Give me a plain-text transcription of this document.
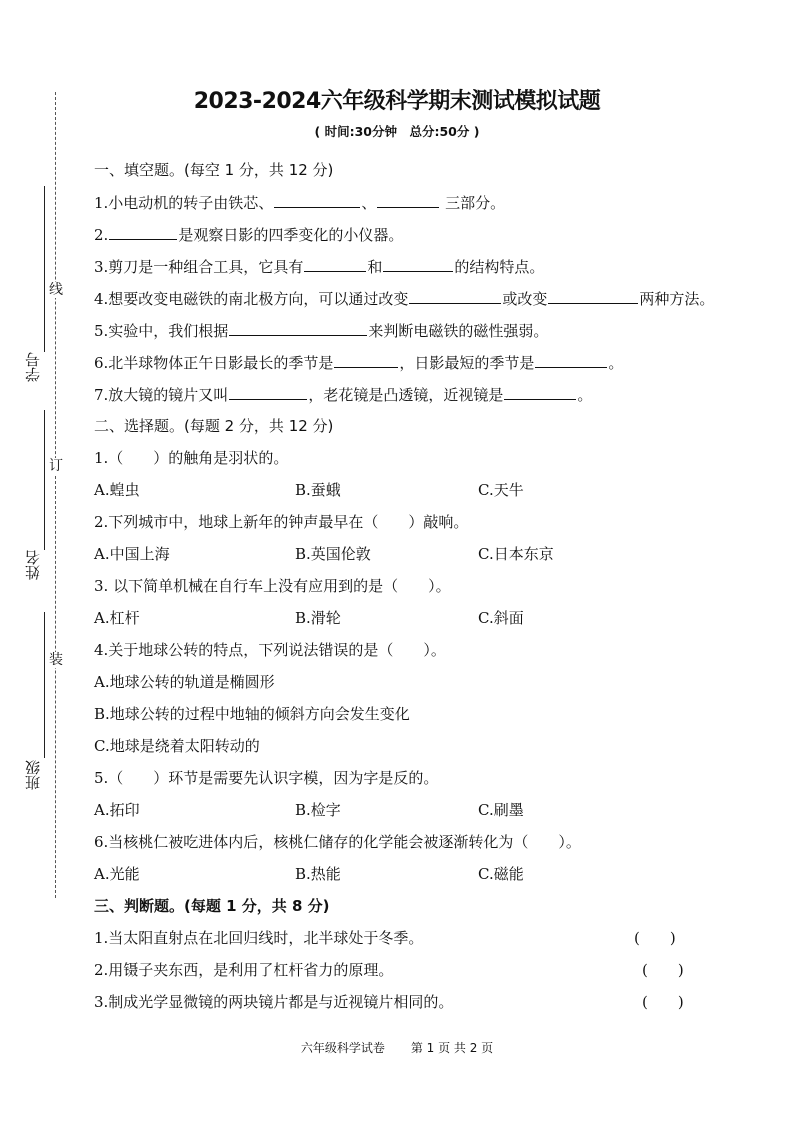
线
订
装
学号
姓名
班级
2023-2024六年级科学期末测试模拟试题
( 时间:30分钟　总分:50分 )
一、填空题。(每空 1 分，共 12 分)
1.小电动机的转子由铁芯、	、	三部分。
2.	是观察日影的四季变化的小仪器。
3.剪刀是一种组合工具，它具有	和	的结构特点。
4.想要改变电磁铁的南北极方向，可以通过改变	或改变	两种方法。
5.实验中，我们根据	来判断电磁铁的磁性强弱。
6.北半球物体正午日影最长的季节是	，日影最短的季节是	。
7.放大镜的镜片又叫	，老花镜是凸透镜，近视镜是	。
二、选择题。(每题 2 分，共 12 分)
1.（　　）的触角是羽状的。
A.蝗虫	B.蚕蛾	C.天牛
2.下列城市中，地球上新年的钟声最早在（　　）敲响。
A.中国上海	B.英国伦敦	C.日本东京
3. 以下简单机械在自行车上没有应用到的是（　　）。
A.杠杆	B.滑轮	C.斜面
4.关于地球公转的特点，下列说法错误的是（　　）。
A.地球公转的轨道是椭圆形
B.地球公转的过程中地轴的倾斜方向会发生变化
C.地球是绕着太阳转动的
5.（　　）环节是需要先认识字模，因为字是反的。
A.拓印	B.检字	C.刷墨
6.当核桃仁被吃进体内后，核桃仁储存的化学能会被逐渐转化为（　　）。
A.光能	B.热能	C.磁能
三、判断题。(每题 1 分，共 8 分)
1.当太阳直射点在北回归线时，北半球处于冬季。	(　　)
2.用镊子夹东西，是利用了杠杆省力的原理。	(　　)
3.制成光学显微镜的两块镜片都是与近视镜片相同的。	(　　)
六年级科学试卷 第 1 页 共 2 页
